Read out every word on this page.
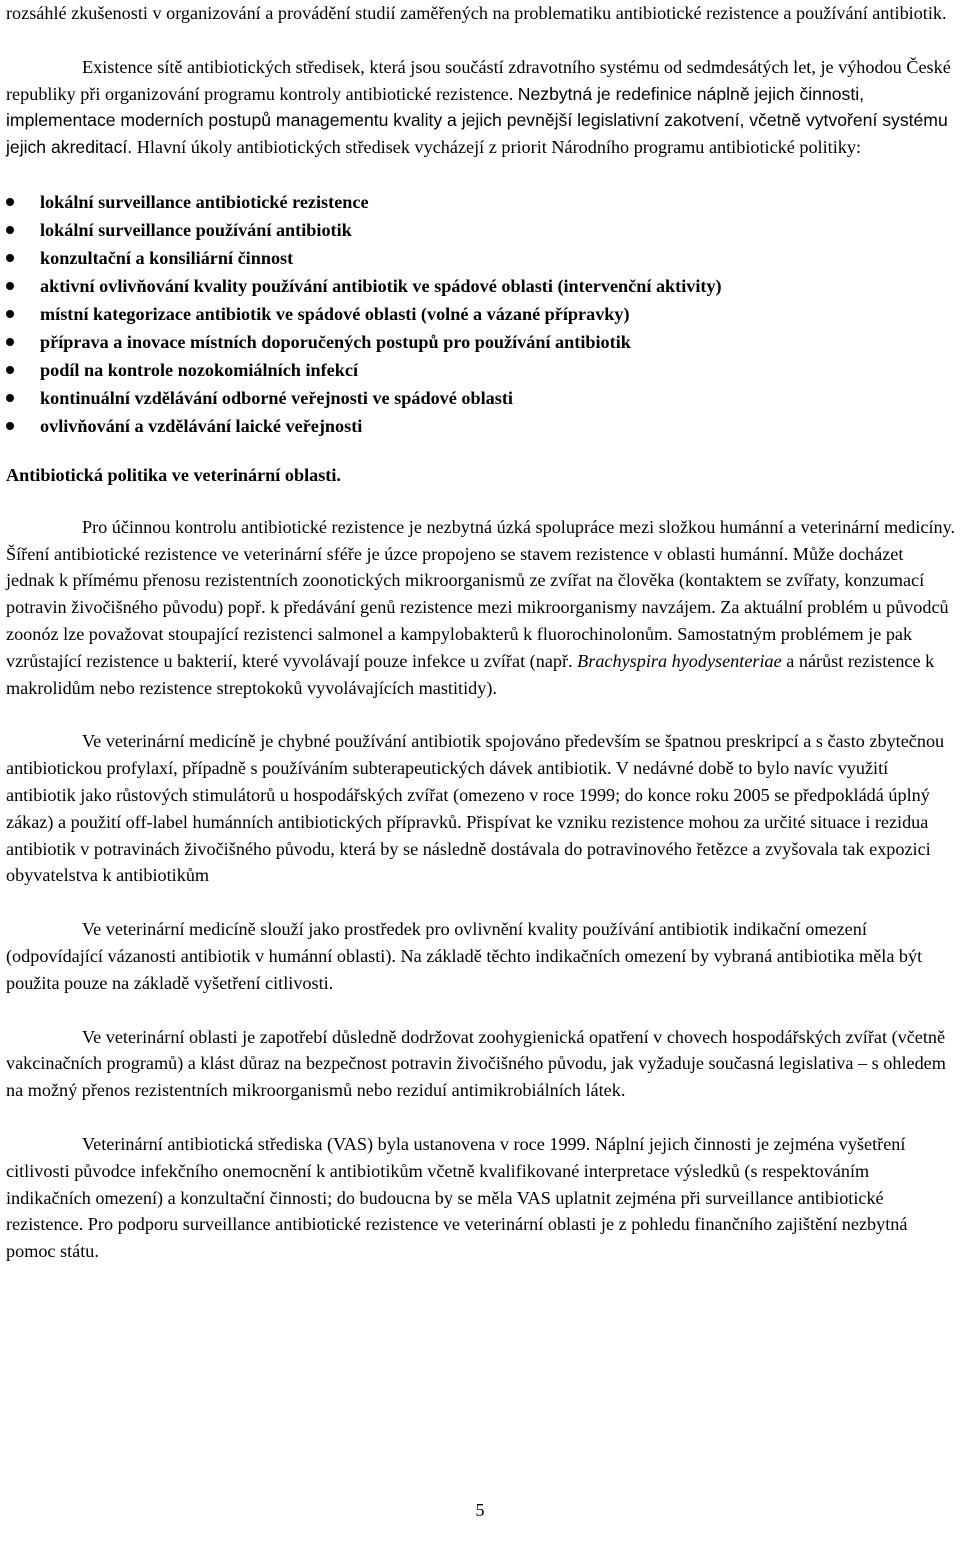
rozsáhlé zkušenosti v organizování a provádění studií zaměřených na problematiku antibiotické rezistence a používání antibiotik.

Existence sítě antibiotických středisek, která jsou součástí zdravotního systému od sedmdesátých let, je výhodou České republiky při organizování programu kontroly antibiotické rezistence. Nezbytná je redefinice náplně jejich činnosti, implementace moderních postupů managementu kvality a jejich pevnější legislativní zakotvení, včetně vytvoření systému jejich akreditací. Hlavní úkoly antibiotických středisek vycházejí z priorit Národního programu antibiotické politiky:

lokální surveillance antibiotické rezistence
lokální surveillance používání antibiotik
konzultační a konsiliární činnost
aktivní ovlivňování kvality používání antibiotik ve spádové oblasti (intervenční aktivity)
místní kategorizace antibiotik ve spádové oblasti (volné a vázané přípravky)
příprava a inovace místních doporučených postupů pro používání antibiotik
podíl na kontrole nozokomiálních infekcí
kontinuální vzdělávání odborné veřejnosti ve spádové oblasti
ovlivňování a vzdělávání laické veřejnosti

Antibiotická politika ve veterinární oblasti.

Pro účinnou kontrolu antibiotické rezistence je nezbytná úzká spolupráce mezi složkou humánní a veterinární medicíny. Šíření antibiotické rezistence ve veterinární sféře je úzce propojeno se stavem rezistence v oblasti humánní. Může docházet jednak k přímému přenosu rezistentních zoonotických mikroorganismů ze zvířat na člověka (kontaktem se zvířaty, konzumací potravin živočišného původu) popř. k předávání genů rezistence mezi mikroorganismy navzájem. Za aktuální problém u původců zoonóz lze považovat stoupající rezistenci salmonel a kampylobakterů k fluorochinolonům. Samostatným problémem je pak vzrůstající rezistence u bakterií, které vyvolávají pouze infekce u zvířat (např. Brachyspira hyodysenteriae a nárůst rezistence k makrolidům nebo rezistence streptokoků vyvolávajících mastitidy).

Ve veterinární medicíně je chybné používání antibiotik spojováno především se špatnou preskripcí a s často zbytečnou antibiotickou profylaxí, případně s používáním subterapeutických dávek antibiotik. V nedávné době to bylo navíc využití antibiotik jako růstových stimulátorů u hospodářských zvířat (omezeno v roce 1999; do konce roku 2005 se předpokládá úplný zákaz) a použití off-label humánních antibiotických přípravků. Přispívat ke vzniku rezistence mohou za určité situace i rezidua antibiotik v potravinách živočišného původu, která by se následně dostávala do potravinového řetězce a zvyšovala tak expozici obyvatelstva k antibiotikům

Ve veterinární medicíně slouží jako prostředek pro ovlivnění kvality používání antibiotik indikační omezení (odpovídající vázanosti antibiotik v humánní oblasti). Na základě těchto indikačních omezení by vybraná antibiotika měla být použita pouze na základě vyšetření citlivosti.

Ve veterinární oblasti je zapotřebí důsledně dodržovat zoohygienická opatření v chovech hospodářských zvířat (včetně vakcinačních programů) a klást důraz na bezpečnost potravin živočišného původu, jak vyžaduje současná legislativa – s ohledem na možný přenos rezistentních mikroorganismů nebo reziduí antimikrobiálních látek.

Veterinární antibiotická střediska (VAS) byla ustanovena v roce 1999. Náplní jejich činnosti je zejména vyšetření citlivosti původce infekčního onemocnění k antibiotikům včetně kvalifikované interpretace výsledků (s respektováním indikačních omezení) a konzultační činnosti; do budoucna by se měla VAS uplatnit zejména při surveillance antibiotické rezistence. Pro podporu surveillance antibiotické rezistence ve veterinární oblasti je z pohledu finančního zajištění nezbytná pomoc státu.

5
